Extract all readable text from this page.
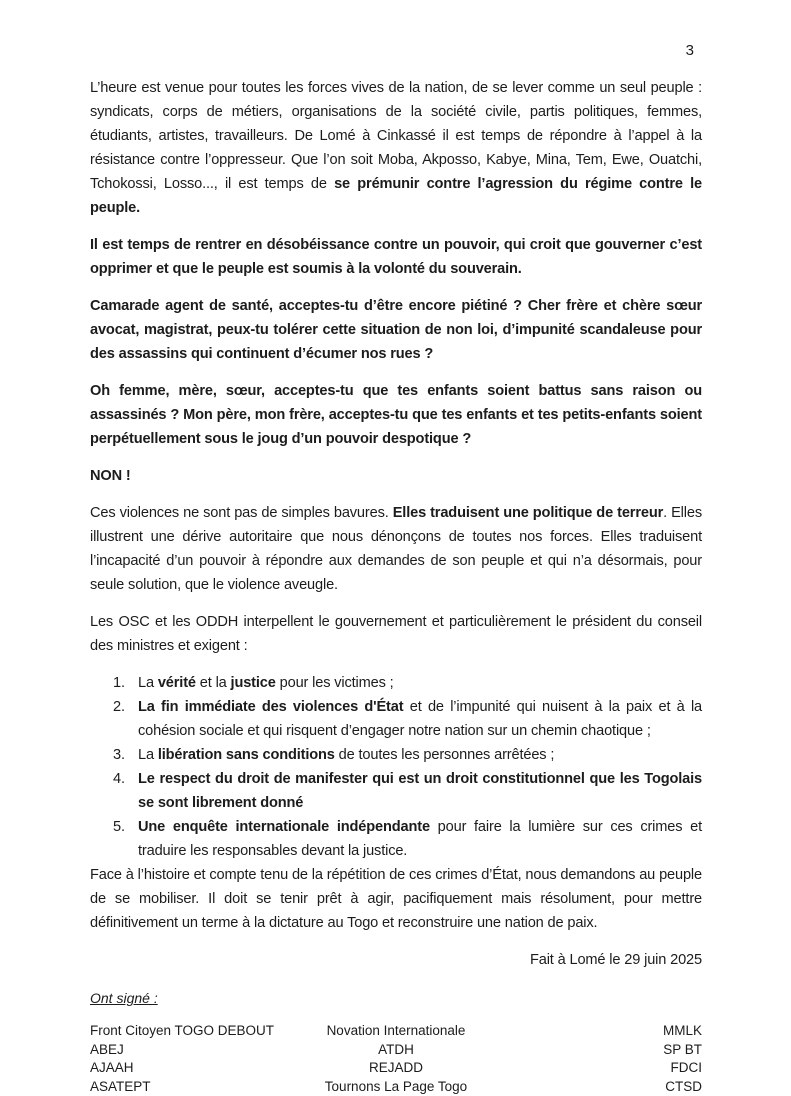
3

L’heure est venue pour toutes les forces vives de la nation, de se lever comme un seul peuple : syndicats, corps de métiers, organisations de la société civile, partis politiques, femmes, étudiants, artistes, travailleurs. De Lomé à Cinkassé il est temps de répondre à l’appel à la résistance contre l’oppresseur. Que l’on soit Moba, Akposso, Kabye, Mina, Tem, Ewe, Ouatchi, Tchokossi, Losso..., il est temps de se prémunir contre l’agression du régime contre le peuple.

Il est temps de rentrer en désobéissance contre un pouvoir, qui croit que gouverner c’est opprimer et que le peuple est soumis à la volonté du souverain.

Camarade agent de santé, acceptes-tu d’être encore piétiné ? Cher frère et chère sœur avocat, magistrat, peux-tu tolérer cette situation de non loi, d’impunité scandaleuse pour des assassins qui continuent d’écumer nos rues ?

Oh femme, mère, sœur, acceptes-tu que tes enfants soient battus sans raison ou assassinés ? Mon père, mon frère, acceptes-tu que tes enfants et tes petits-enfants soient perpétuellement sous le joug d’un pouvoir despotique ?

NON !

Ces violences ne sont pas de simples bavures. Elles traduisent une politique de terreur. Elles illustrent une dérive autoritaire que nous dénonçons de toutes nos forces. Elles traduisent l’incapacité d’un pouvoir à répondre aux demandes de son peuple et qui n’a désormais, pour seule solution, que le violence aveugle.

Les OSC et les ODDH interpellent le gouvernement et particulièrement le président du conseil des ministres et exigent :

La vérité et la justice pour les victimes ;
La fin immédiate des violences d'État et de l’impunité qui nuisent à la paix et à la cohésion sociale et qui risquent d’engager notre nation sur un chemin chaotique ;
La libération sans conditions de toutes les personnes arrêtées ;
Le respect du droit de manifester qui est un droit constitutionnel que les Togolais se sont librement donné
Une enquête internationale indépendante pour faire la lumière sur ces crimes et traduire les responsables devant la justice.

Face à l’histoire et compte tenu de la répétition de ces crimes d’État, nous demandons au peuple de se mobiliser. Il doit se tenir prêt à agir, pacifiquement mais résolument, pour mettre définitivement un terme à la dictature au Togo et reconstruire une nation de paix.

Fait à Lomé le 29 juin 2025

Ont signé :

Front Citoyen TOGO DEBOUT	Novation Internationale	MMLK
ABEJ	ATDH	SP BT
AJAAH	REJADD	FDCI
ASATEPT	Tournons La Page Togo	CTSD
